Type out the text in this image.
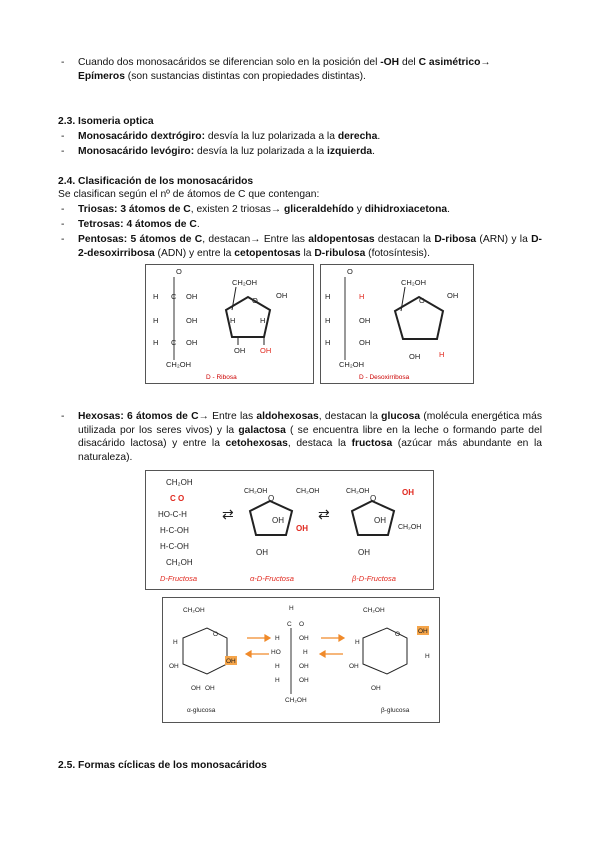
- Cuando dos monosacáridos se diferencian solo en la posición del -OH del C asimétrico→
Epímeros (son sustancias distintas con propiedades distintas).
2.3. Isomeria optica
- Monosacárido dextrógiro: desvía la luz polarizada a la derecha.
- Monosacárido levógiro: desvía la luz polarizada a la izquierda.
2.4. Clasificación de los monosacáridos
Se clasifican según el nº de átomos de C que contengan:
- Triosas: 3 átomos de C, existen 2 triosas→ gliceraldehído y dihidroxiacetona.
- Tetrosas: 4 átomos de C.
- Pentosas: 5 átomos de C, destacan→ Entre las aldopentosas destacan la D-ribosa (ARN) y la D-2-desoxirribosa (ADN) y entre la cetopentosas la D-ribulosa (fotosíntesis).
O
H C OH
H	OH
H C OH
CH₂OH
CH₂OH
O
OH
H	H
OH OH
D - Ribosa
O
H	H
H	OH
H	OH
CH₂OH
CH₂OH
O
OH
OH	H
D - Desoxirribosa
- Hexosas: 6 átomos de C→ Entre las aldohexosas, destacan la glucosa (molécula energética más utilizada por los seres vivos) y la galactosa ( se encuentra libre en la leche o formando parte del disacárido lactosa) y entre la cetohexosas, destaca la fructosa (azúcar más abundante en la naturaleza).
CH₂OH
C O
HO-C-H
H-C-OH
H-C-OH
CH₂OH
D-Fructosa
⇄	⇄
CH₂OH
O
CH₂OH
OH
OH
OH
CH₂OH
O
OH
CH₂OH
OH
OH
α-D-Fructosa	β-D-Fructosa
CH₂OH
O
H
OH
OH OH
α-glucosa
H
C O
H	OH
HO	H
H	OH
H	OH
CH₂OH
CH₂OH
O
H
OH
OH
H
β-glucosa
OH
OH
2.5. Formas cíclicas de los monosacáridos
